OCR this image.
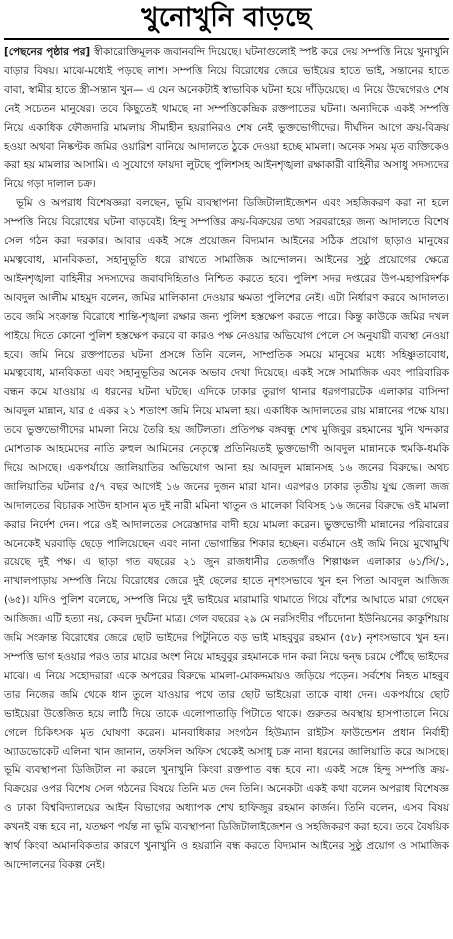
খুনোখুনি বাড়ছে

[পেছনের পৃষ্ঠার পর] স্বীকারোক্তিমূলক জবানবন্দি দিয়েছে। ঘটনাগুলোই স্পষ্ট করে দেয় সম্পত্তি নিয়ে খুনাখুনি বাড়ার বিষয়। মাঝে-মধ্যেই পড়ছে লাশ। সম্পত্তি নিয়ে বিরোধের জেরে ভাইয়ের হাতে ভাই, সন্তানের হাতে বাবা, স্বামীর হাতে স্ত্রী-সন্তান খুন— এ যেন অনেকটাই স্বাভাবিক ঘটনা হয়ে দাঁড়িয়েছে। এ নিয়ে উদ্বেগেরও শেষ নেই সচেতন মানুষের। তবে কিছুতেই থামছে না সম্পত্তিকেন্দ্রিক রক্তপাতের ঘটনা। অন্যদিকে একই সম্পত্তি নিয়ে একাধিক ফৌজদারি মামলায় সীমাহীন হয়রানিরও শেষ নেই ভুক্তভোগীদের। দীর্ঘদিন আগে ক্রয়-বিক্রয় হওয়া অথবা নিষ্কণ্টক জমির ওয়ারিশ বানিয়ে আদালতে ঠুকে দেওয়া হচ্ছে মামলা। অনেক সময় মৃত ব্যক্তিকেও করা হয় মামলার আসামি। এ সুযোগে ফায়দা লুটছে পুলিশসহ আইনশৃঙ্খলা রক্ষাকারী বাহিনীর অসাধু সদস্যদের নিয়ে গড়া দালাল চক্র।

ভূমি ও অপরাধ বিশেষজ্ঞরা বলছেন, ভূমি ব্যবস্থাপনা ডিজিটালাইজেশন এবং সহজিকরণ করা না হলে সম্পত্তি নিয়ে বিরোধের ঘটনা বাড়বেই। হিন্দু সম্পত্তির ক্রয়-বিক্রয়ের তথ্য সরবরাহের জন্য আদালতে বিশেষ সেল গঠন করা দরকার। আবার একই সঙ্গে প্রয়োজন বিদ্যমান আইনের সঠিক প্রয়োগ ছাড়াও মানুষের মমত্ববোধ, মানবিকতা, সহানুভূতি ধরে রাখতে সামাজিক আন্দোলন। আইনের সুষ্ঠু প্রয়োগের ক্ষেত্রে আইনশৃঙ্খলা বাহিনীর সদস্যদের জবাবদিহিতাও নিশ্চিত করতে হবে। পুলিশ সদর দপ্তরের উপ-মহাপরিদর্শক আবদুল আলীম মাহমুদ বলেন, জমির মালিকানা দেওয়ার ক্ষমতা পুলিশের নেই। এটা নির্ধারণ করবে আদালত। তবে জমি সংক্রান্ত বিরোধে শান্তি-শৃঙ্খলা রক্ষার জন্য পুলিশ হস্তক্ষেপ করতে পারে। কিন্তু কাউকে জমির দখল পাইয়ে দিতে কোনো পুলিশ হস্তক্ষেপ করবে বা কারও পক্ষ নেওয়ার অভিযোগ পেলে সে অনুযায়ী ব্যবস্থা নেওয়া হবে। জমি নিয়ে রক্তপাতের ঘটনা প্রসঙ্গে তিনি বলেন, সাম্প্রতিক সময়ে মানুষের মধ্যে সহিষ্ণুতাবোধ, মমত্ববোধ, মানবিকতা এবং সহানুভূতির অনেক অভাব দেখা দিয়েছে। একই সঙ্গে সামাজিক এবং পারিবারিক বন্ধন কমে যাওয়ায় এ ধরনের ঘটনা ঘটছে। এদিকে ঢাকার তুরাগ থানার ধরগণারটেক এলাকার বাসিন্দা আবদুল মান্নান, যার ৫ একর ২১ শতাংশ জমি নিয়ে মামলা হয়। একাধিক আদালতের রায় মান্নানের পক্ষে যায়। তবে ভুক্তভোগীদের মামলা নিয়ে তৈরি হয় জটিলতা। প্রতিপক্ষ বঙ্গবন্ধু শেখ মুজিবুর রহমানের খুনি খন্দকার মোশতাক আহমেদের নাতি রুহুল আমিনের নেতৃত্বে প্রতিনিয়তই ভুক্তভোগী আবদুল মান্নানকে হুমকি-ধমকি দিয়ে আসছে। একপর্যায়ে জালিয়াতির অভিযোগ আনা হয় আবদুল মান্নানসহ ১৬ জনের বিরুদ্ধে। অথচ জালিয়াতির ঘটনার ৫/৭ বছর আগেই ১৬ জনের দুজন মারা যান। এরপরও ঢাকার তৃতীয় যুগ্ম জেলা জজ আদালতের বিচারক সাউদ হাসান মৃত দুই নারী মমিনা খাতুন ও মালেকা বিবিসহ ১৬ জনের বিরুদ্ধে ওই মামলা করার নির্দেশ দেন। পরে ওই আদালতের সেরেস্তাদার বাদী হয়ে মামলা করেন। ভুক্তভোগী মান্নানের পরিবারের অনেকেই ঘরবাড়ি ছেড়ে পালিয়েছেন এবং নানা ভোগান্তির শিকার হচ্ছেন। বর্তমানে ওই জমি নিয়ে মুখোমুখি রয়েছে দুই পক্ষ। এ ছাড়া গত বছরের ২১ জুন রাজধানীর তেজগাঁও শিল্পাঞ্চল এলাকার ৬১/সি/১, নাখালপাড়ায় সম্পত্তি নিয়ে বিরোধের জেরে দুই ছেলের হাতে নৃশংসভাবে খুন হন পিতা আবদুল আজিজ (৬৫)। যদিও পুলিশ বলেছে, সম্পত্তি নিয়ে দুই ভাইয়ের মারামারি থামাতে গিয়ে বাঁশের আঘাতে মারা গেছেন আজিজ। এটি হত্যা নয়, কেবল দুর্ঘটনা মাত্র। গেল বছরের ২৯ মে নরসিংদীর পাঁচদোনা ইউনিয়নের কাকুশিয়ায় জমি সংক্রান্ত বিরোধের জেরে ছোট ভাইদের পিটুনিতে বড় ভাই মাহবুবুর রহমান (৫৮) নৃশংসভাবে খুন হন। সম্পত্তি ভাগ হওয়ার পরও তার মায়ের অংশ নিয়ে মাহবুবুর রহমানকে দান করা নিয়ে দ্বন্দ্ব চরমে পৌঁছে ভাইদের মাঝে। এ নিয়ে সহোদরারা একে অপরের বিরুদ্ধে মামলা-মোকদ্দমায়ও জড়িয়ে পড়েন। সর্বশেষ নিহত মাহবুব তার নিজের জমি থেকে ধান তুলে যাওয়ার পথে তার ছোট ভাইয়েরা তাকে বাধা দেন। একপর্যায়ে ছোট ভাইয়েরা উত্তেজিত হয়ে লাঠি দিয়ে তাকে এলোপাতাড়ি পিটাতে থাকে। গুরুতর অবস্থায় হাসপাতালে নিয়ে গেলে চিকিৎসক মৃত ঘোষণা করেন। মানবাধিকার সংগঠন হিউম্যান রাইটস ফাউন্ডেশন প্রধান নির্বাহী অ্যাডভোকেট এলিনা খান জানান, তফসিল অফিস থেকেই অসাধু চক্র নানা ধরনের জালিয়াতি করে আসছে। ভূমি ব্যবস্থাপনা ডিজিটাল না করলে খুনাখুনি কিংবা রক্তপাত বন্ধ হবে না। একই সঙ্গে হিন্দু সম্পত্তি ক্রয়-বিক্রয়ের ওপর বিশেষ সেল গঠনের বিষয়ে তিনি মত দেন তিনি। অনেকটা একই কথা বলেন অপরাধ বিশেষজ্ঞ ও ঢাকা বিশ্ববিদ্যালয়ের আইন বিভাগের অধ্যাপক শেখ হাফিজুর রহমান কার্জন। তিনি বলেন, এসব বিষয় কখনই বন্ধ হবে না, যতক্ষণ পর্যন্ত না ভূমি ব্যবস্থাপনা ডিজিটালাইজেশন ও সহজিকরণ করা হবে। তবে বৈষয়িক স্বার্থ কিংবা অমানবিকতার কারণে খুনাখুনি ও হয়রানি বন্ধ করতে বিদ্যমান আইনের সুষ্ঠু প্রয়োগ ও সামাজিক আন্দোলনের বিকল্প নেই।
